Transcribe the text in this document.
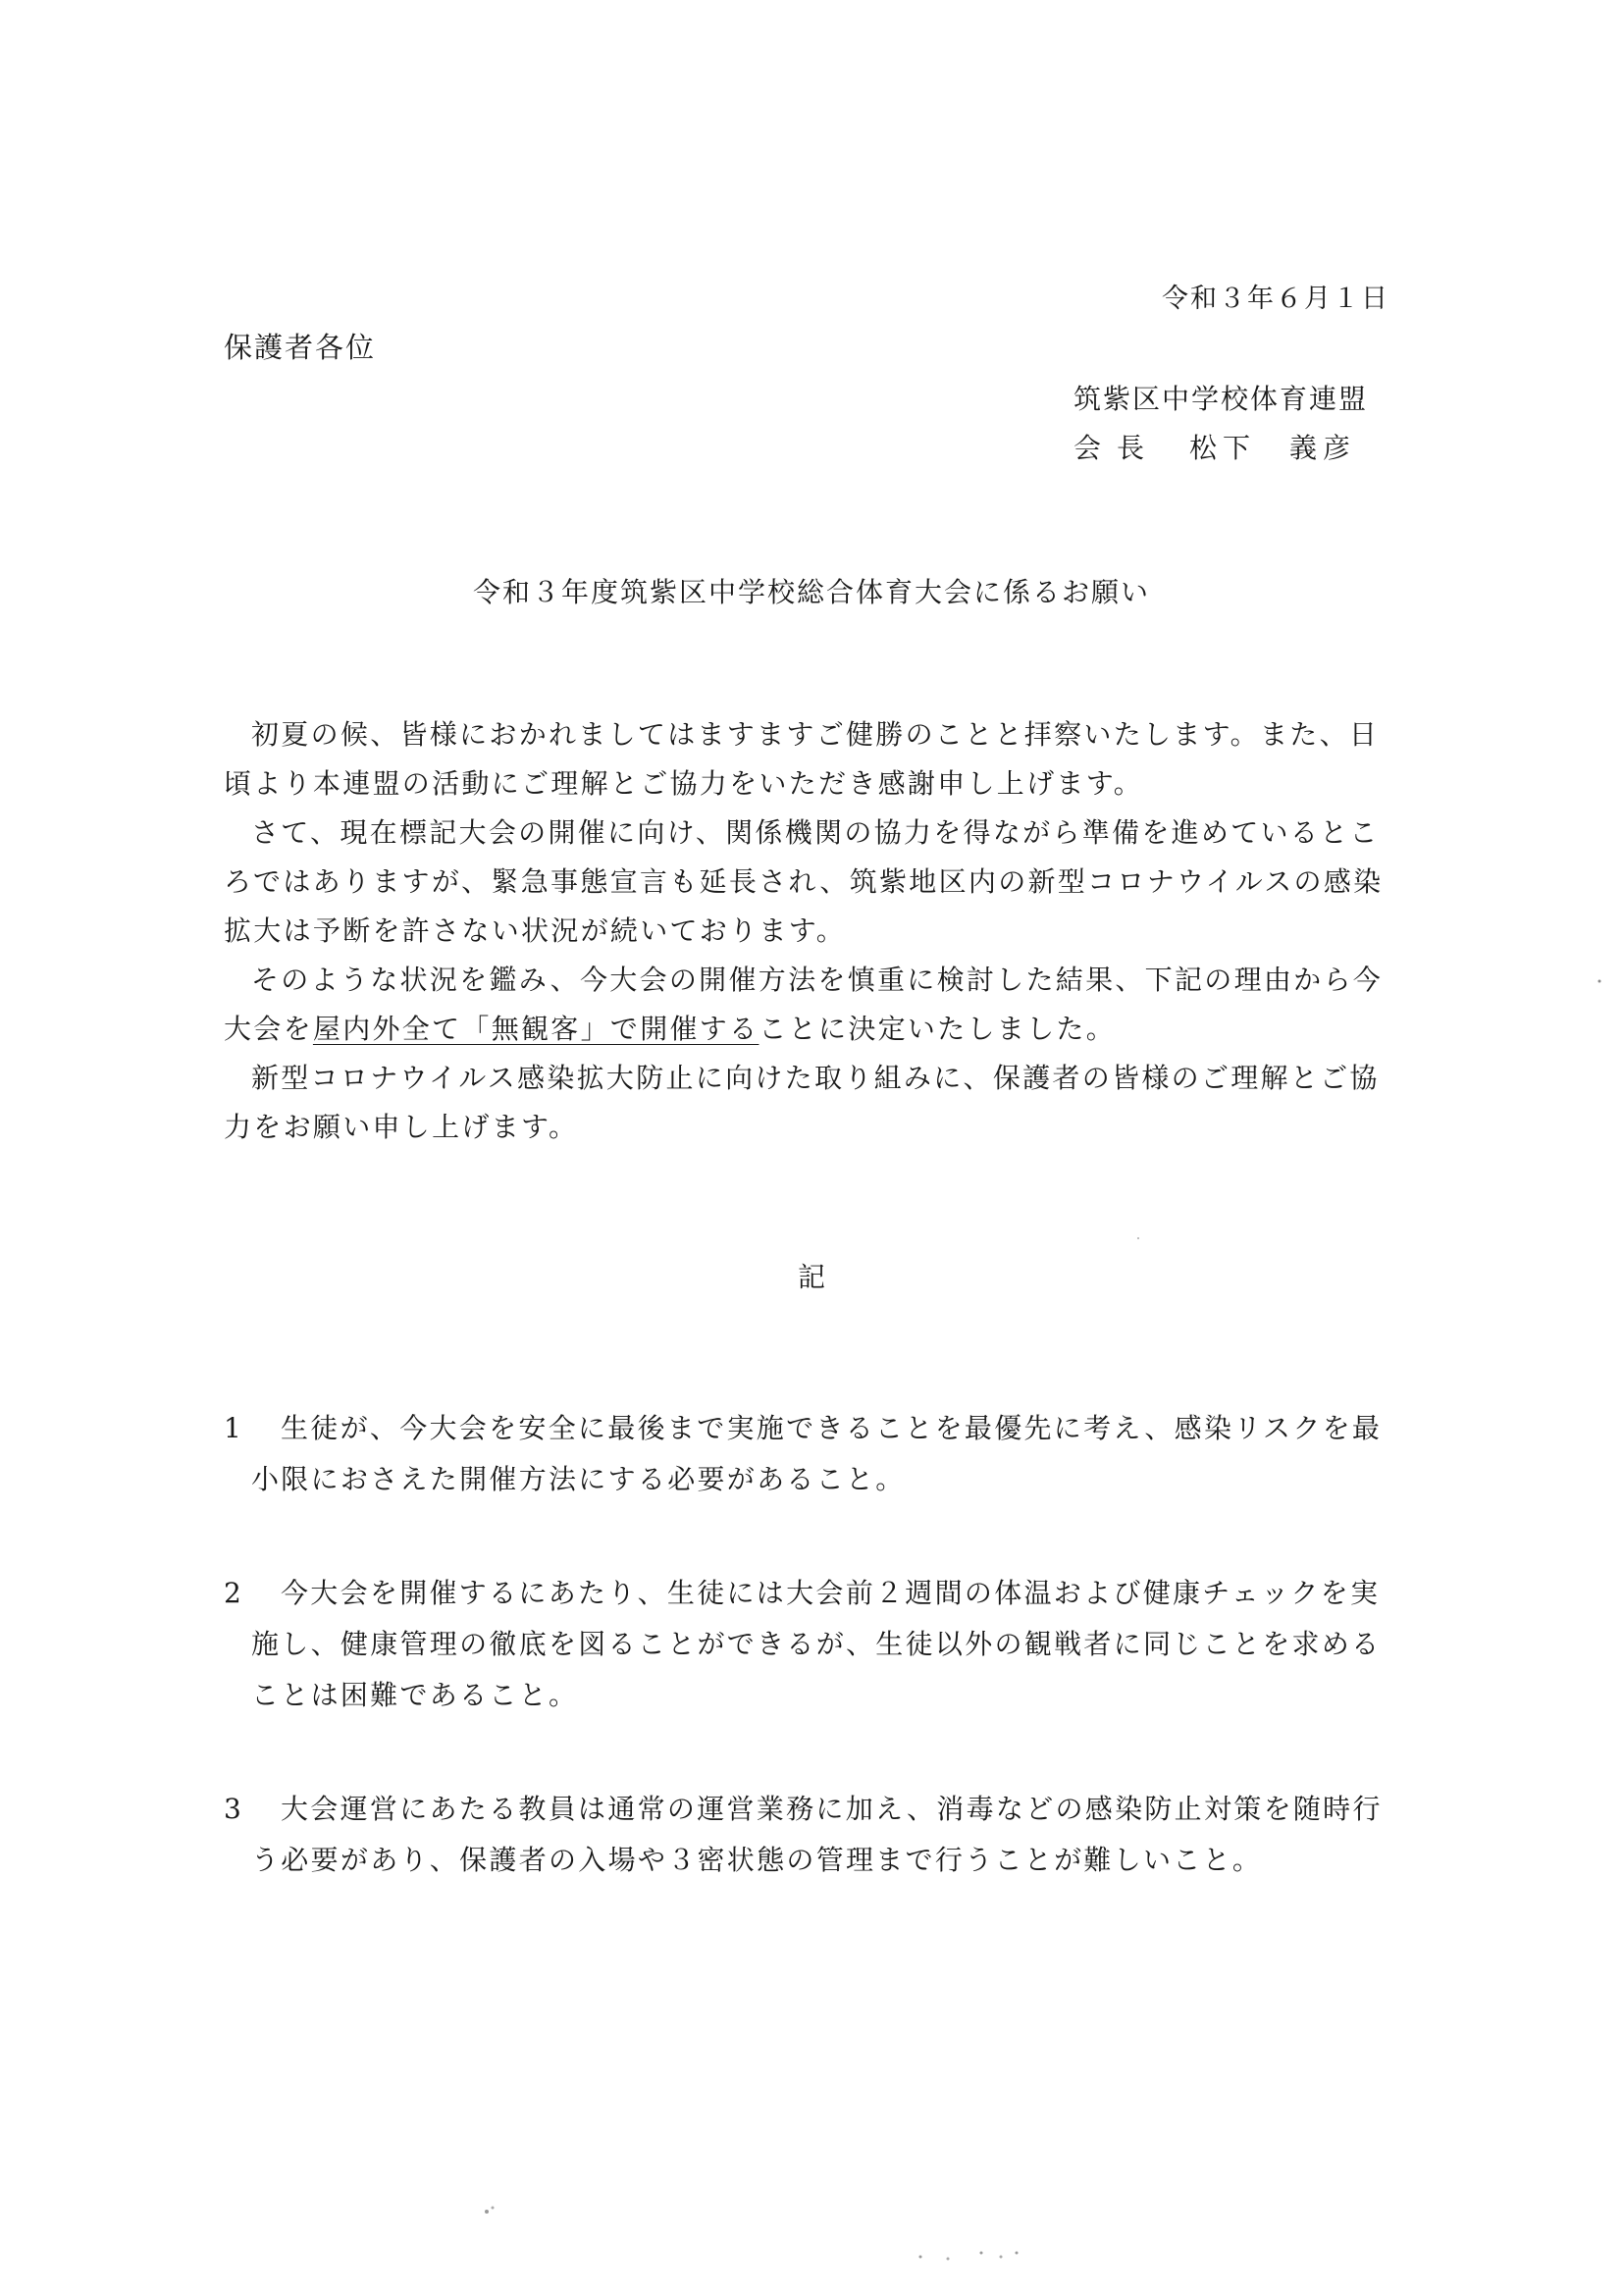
令和３年６月１日
保護者各位
筑紫区中学校体育連盟
会長 松下　義彦
令和３年度筑紫区中学校総合体育大会に係るお願い

初夏の候、皆様におかれましてはますますご健勝のことと拝察いたします。また、日頃より本連盟の活動にご理解とご協力をいただき感謝申し上げます。

さて、現在標記大会の開催に向け、関係機関の協力を得ながら準備を進めているところではありますが、緊急事態宣言も延長され、筑紫地区内の新型コロナウイルスの感染拡大は予断を許さない状況が続いております。

そのような状況を鑑み、今大会の開催方法を慎重に検討した結果、下記の理由から今大会を屋内外全て「無観客」で開催することに決定いたしました。

新型コロナウイルス感染拡大防止に向けた取り組みに、保護者の皆様のご理解とご協力をお願い申し上げます。

記
1	生徒が、今大会を安全に最後まで実施できることを最優先に考え、感染リスクを最小限におさえた開催方法にする必要があること。
2	今大会を開催するにあたり、生徒には大会前２週間の体温および健康チェックを実施し、健康管理の徹底を図ることができるが、生徒以外の観戦者に同じことを求めることは困難であること。
3	大会運営にあたる教員は通常の運営業務に加え、消毒などの感染防止対策を随時行う必要があり、保護者の入場や３密状態の管理まで行うことが難しいこと。
